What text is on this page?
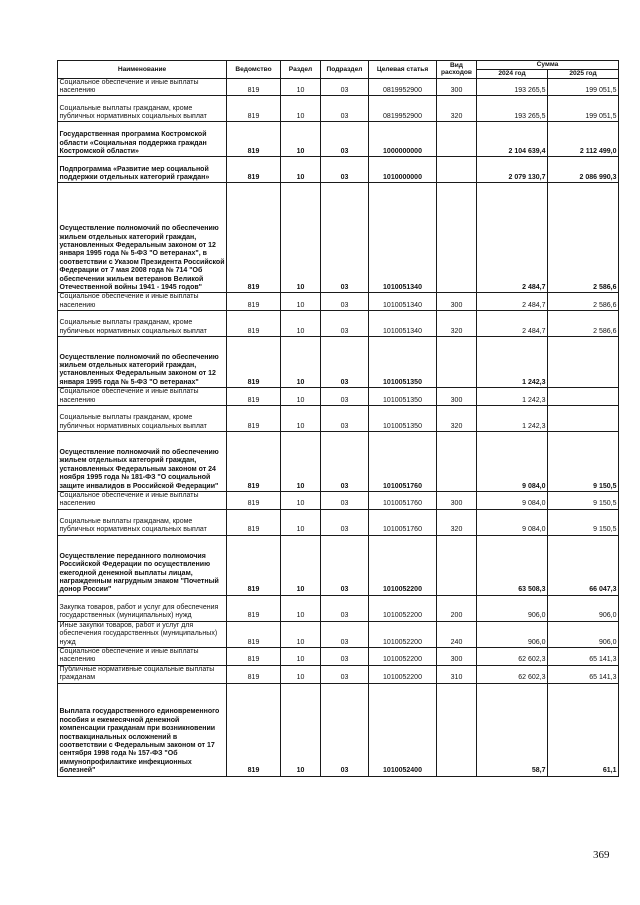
Наименование	Ведомство	Раздел	Подраздел	Целевая статья	Вид расходов	Сумма	
						2024 год	2025 год
Социальное обеспечение и иные выплаты населению	819	10	03	0819952900	300	193 265,5	199 051,5
Социальные выплаты гражданам, кроме публичных нормативных социальных выплат	819	10	03	0819952900	320	193 265,5	199 051,5
Государственная программа Костромской области «Социальная поддержка граждан Костромской области»	819	10	03	1000000000		2 104 639,4	2 112 499,0
Подпрограмма «Развитие мер социальной поддержки отдельных категорий граждан»	819	10	03	1010000000		2 079 130,7	2 086 990,3
Осуществление полномочий по обеспечению жильем отдельных категорий граждан, установленных Федеральным законом от 12 января 1995 года № 5-ФЗ "О ветеранах", в соответствии с Указом Президента Российской Федерации от 7 мая 2008 года № 714 "Об обеспечении жильем ветеранов Великой Отечественной войны 1941 - 1945 годов"	819	10	03	1010051340		2 484,7	2 586,6
Социальное обеспечение и иные выплаты населению	819	10	03	1010051340	300	2 484,7	2 586,6
Социальные выплаты гражданам, кроме публичных нормативных социальных выплат	819	10	03	1010051340	320	2 484,7	2 586,6
Осуществление полномочий по обеспечению жильем отдельных категорий граждан, установленных Федеральным законом от 12 января 1995 года № 5-ФЗ "О ветеранах"	819	10	03	1010051350		1 242,3	
Социальное обеспечение и иные выплаты населению	819	10	03	1010051350	300	1 242,3	
Социальные выплаты гражданам, кроме публичных нормативных социальных выплат	819	10	03	1010051350	320	1 242,3	
Осуществление полномочий по обеспечению жильем отдельных категорий граждан, установленных Федеральным законом от 24 ноября 1995 года № 181-ФЗ "О социальной защите инвалидов в Российской Федерации"	819	10	03	1010051760		9 084,0	9 150,5
Социальное обеспечение и иные выплаты населению	819	10	03	1010051760	300	9 084,0	9 150,5
Социальные выплаты гражданам, кроме публичных нормативных социальных выплат	819	10	03	1010051760	320	9 084,0	9 150,5
Осуществление переданного полномочия Российской Федерации по осуществлению ежегодной денежной выплаты лицам, награжденным нагрудным знаком "Почетный донор России"	819	10	03	1010052200		63 508,3	66 047,3
Закупка товаров, работ и услуг для обеспечения государственных (муниципальных) нужд	819	10	03	1010052200	200	906,0	906,0
Иные закупки товаров, работ и услуг для обеспечения государственных (муниципальных) нужд	819	10	03	1010052200	240	906,0	906,0
Социальное обеспечение и иные выплаты населению	819	10	03	1010052200	300	62 602,3	65 141,3
Публичные нормативные социальные выплаты гражданам	819	10	03	1010052200	310	62 602,3	65 141,3
Выплата государственного единовременного пособия и ежемесячной денежной компенсации гражданам при возникновении поствакцинальных осложнений в соответствии с Федеральным законом от 17 сентября 1998 года № 157-ФЗ "Об иммунопрофилактике инфекционных болезней"	819	10	03	1010052400		58,7	61,1
369
